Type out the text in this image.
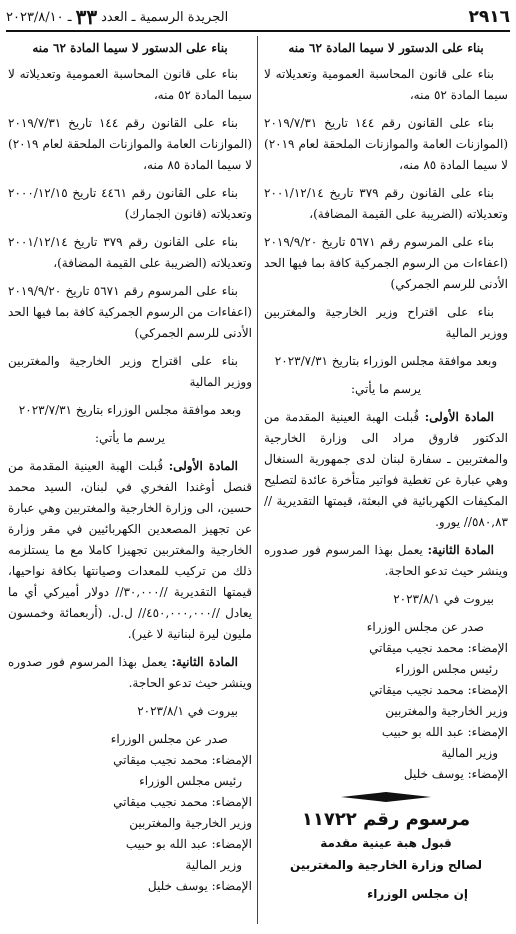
٢٩١٦
الجريدة الرسمية ـ العدد
٣٣
ـ ٢٠٢٣/٨/١٠

بناء على الدستور لا سيما المادة ٦٢ منه

بناء على قانون المحاسبة العمومية وتعديلاته لا سيما المادة ٥٢ منه،

بناء على القانون رقم ١٤٤ تاريخ ٢٠١٩/٧/٣١ (الموازنات العامة والموازنات الملحقة لعام ٢٠١٩) لا سيما المادة ٨٥ منه،

بناء على القانون رقم ٣٧٩ تاريخ ٢٠٠١/١٢/١٤ وتعديلاته (الضريبة على القيمة المضافة)،

بناء على المرسوم رقم ٥٦٧١ تاريخ ٢٠١٩/٩/٢٠ (اعفاءات من الرسوم الجمركية كافة بما فيها الحد الأدنى للرسم الجمركي)

بناء على اقتراح وزير الخارجية والمغتربين ووزير المالية

وبعد موافقة مجلس الوزراء بتاريخ ٢٠٢٣/٧/٣١

يرسم ما يأتي:

المادة الأولى: قُبلت الهبة العينية المقدمة من الدكتور فاروق مراد الى وزارة الخارجية والمغتربين ـ سفارة لبنان لدى جمهورية السنغال وهي عبارة عن تغطية فواتير متأخرة عائدة لتصليح المكيفات الكهربائية في البعثة، قيمتها التقديرية //٥٨٠,٨٣// يورو.

المادة الثانية: يعمل بهذا المرسوم فور صدوره وينشر حيث تدعو الحاجة.

بيروت في ٢٠٢٣/٨/١

صدر عن مجلس الوزراء

الإمضاء: محمد نجيب ميقاتي

رئيس مجلس الوزراء

الإمضاء: محمد نجيب ميقاتي

وزير الخارجية والمغتربين

الإمضاء: عبد الله بو حبيب

وزير المالية

الإمضاء: يوسف خليل

مرسوم رقم ١١٧٢٢

قبول هبة عينية مقدمة

لصالح وزارة الخارجية والمغتربين

إن مجلس الوزراء

بناء على الدستور لا سيما المادة ٦٢ منه

بناء على قانون المحاسبة العمومية وتعديلاته لا سيما المادة ٥٢ منه،

بناء على القانون رقم ١٤٤ تاريخ ٢٠١٩/٧/٣١ (الموازنات العامة والموازنات الملحقة لعام ٢٠١٩) لا سيما المادة ٨٥ منه،

بناء على القانون رقم ٤٤٦١ تاريخ ٢٠٠٠/١٢/١٥ وتعديلاته (قانون الجمارك)

بناء على القانون رقم ٣٧٩ تاريخ ٢٠٠١/١٢/١٤ وتعديلاته (الضريبة على القيمة المضافة)،

بناء على المرسوم رقم ٥٦٧١ تاريخ ٢٠١٩/٩/٢٠ (اعفاءات من الرسوم الجمركية كافة بما فيها الحد الأدنى للرسم الجمركي)

بناء على اقتراح وزير الخارجية والمغتربين ووزير المالية

وبعد موافقة مجلس الوزراء بتاريخ ٢٠٢٣/٧/٣١

يرسم ما يأتي:

المادة الأولى: قُبلت الهبة العينية المقدمة من قنصل أوغندا الفخري في لبنان، السيد محمد حسين، الى وزارة الخارجية والمغتربين وهي عبارة عن تجهيز المصعدين الكهربائيين في مقر وزارة الخارجية والمغتربين تجهيزا كاملا مع ما يستلزمه ذلك من تركيب للمعدات وصيانتها بكافة نواحيها، قيمتها التقديرية //٣٠,٠٠٠// دولار أميركي أي ما يعادل //٤٥٠,٠٠٠,٠٠٠// ل.ل. (أربعمائة وخمسون مليون ليرة لبنانية لا غير).

المادة الثانية: يعمل بهذا المرسوم فور صدوره وينشر حيث تدعو الحاجة.

بيروت في ٢٠٢٣/٨/١

صدر عن مجلس الوزراء

الإمضاء: محمد نجيب ميقاتي

رئيس مجلس الوزراء

الإمضاء: محمد نجيب ميقاتي

وزير الخارجية والمغتربين

الإمضاء: عبد الله بو حبيب

وزير المالية

الإمضاء: يوسف خليل
